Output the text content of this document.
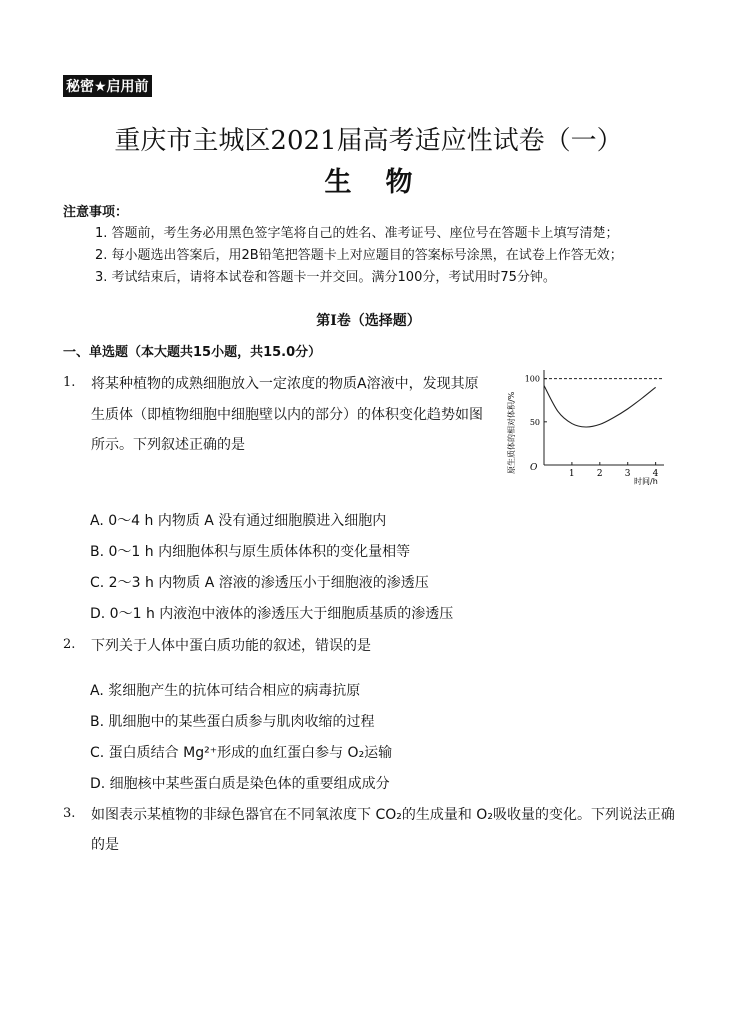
秘密★启用前
重庆市主城区2021届高考适应性试卷（一）
生物
注意事项：
1. 答题前，考生务必用黑色签字笔将自己的姓名、准考证号、座位号在答题卡上填写清楚；
2. 每小题选出答案后，用2B铅笔把答题卡上对应题目的答案标号涂黑，在试卷上作答无效；
3. 考试结束后，请将本试卷和答题卡一并交回。满分100分，考试用时75分钟。
第Ⅰ卷（选择题）
一、单选题（本大题共15小题，共15.0分）
1. 将某种植物的成熟细胞放入一定浓度的物质A溶液中，发现其原
生质体（即植物细胞中细胞壁以内的部分）的体积变化趋势如图
所示。下列叙述正确的是	原生质体的相对体积/%	1 2 3 4
50
100
O
时间/h
A. 0～4 h 内物质 A 没有通过细胞膜进入细胞内
B. 0～1 h 内细胞体积与原生质体体积的变化量相等
C. 2～3 h 内物质 A 溶液的渗透压小于细胞液的渗透压
D. 0～1 h 内液泡中液体的渗透压大于细胞质基质的渗透压
2. 下列关于人体中蛋白质功能的叙述，错误的是
A. 浆细胞产生的抗体可结合相应的病毒抗原
B. 肌细胞中的某些蛋白质参与肌肉收缩的过程
C. 蛋白质结合 Mg²⁺形成的血红蛋白参与 O₂运输
D. 细胞核中某些蛋白质是染色体的重要组成成分
3. 如图表示某植物的非绿色器官在不同氧浓度下 CO₂的生成量和 O₂吸收量的变化。下列说法正确
的是
